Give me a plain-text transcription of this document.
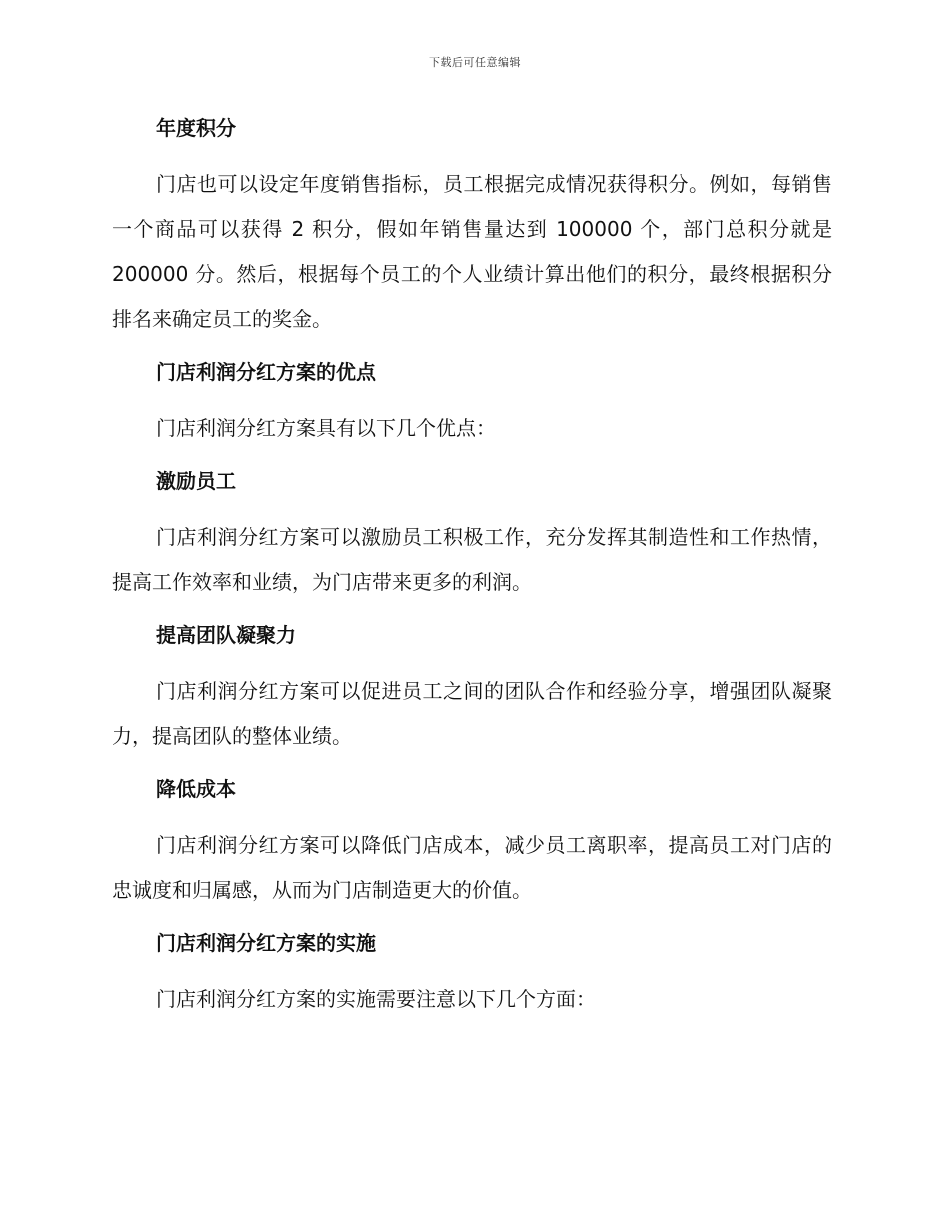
下载后可任意编辑
年度积分

门店也可以设定年度销售指标，员工根据完成情况获得积分。例如，每销售一个商品可以获得 2 积分，假如年销售量达到 100000 个，部门总积分就是 200000 分。然后，根据每个员工的个人业绩计算出他们的积分，最终根据积分排名来确定员工的奖金。

门店利润分红方案的优点

门店利润分红方案具有以下几个优点：

激励员工

门店利润分红方案可以激励员工积极工作，充分发挥其制造性和工作热情，提高工作效率和业绩，为门店带来更多的利润。

提高团队凝聚力

门店利润分红方案可以促进员工之间的团队合作和经验分享，增强团队凝聚力，提高团队的整体业绩。

降低成本

门店利润分红方案可以降低门店成本，减少员工离职率，提高员工对门店的忠诚度和归属感，从而为门店制造更大的价值。

门店利润分红方案的实施

门店利润分红方案的实施需要注意以下几个方面：
